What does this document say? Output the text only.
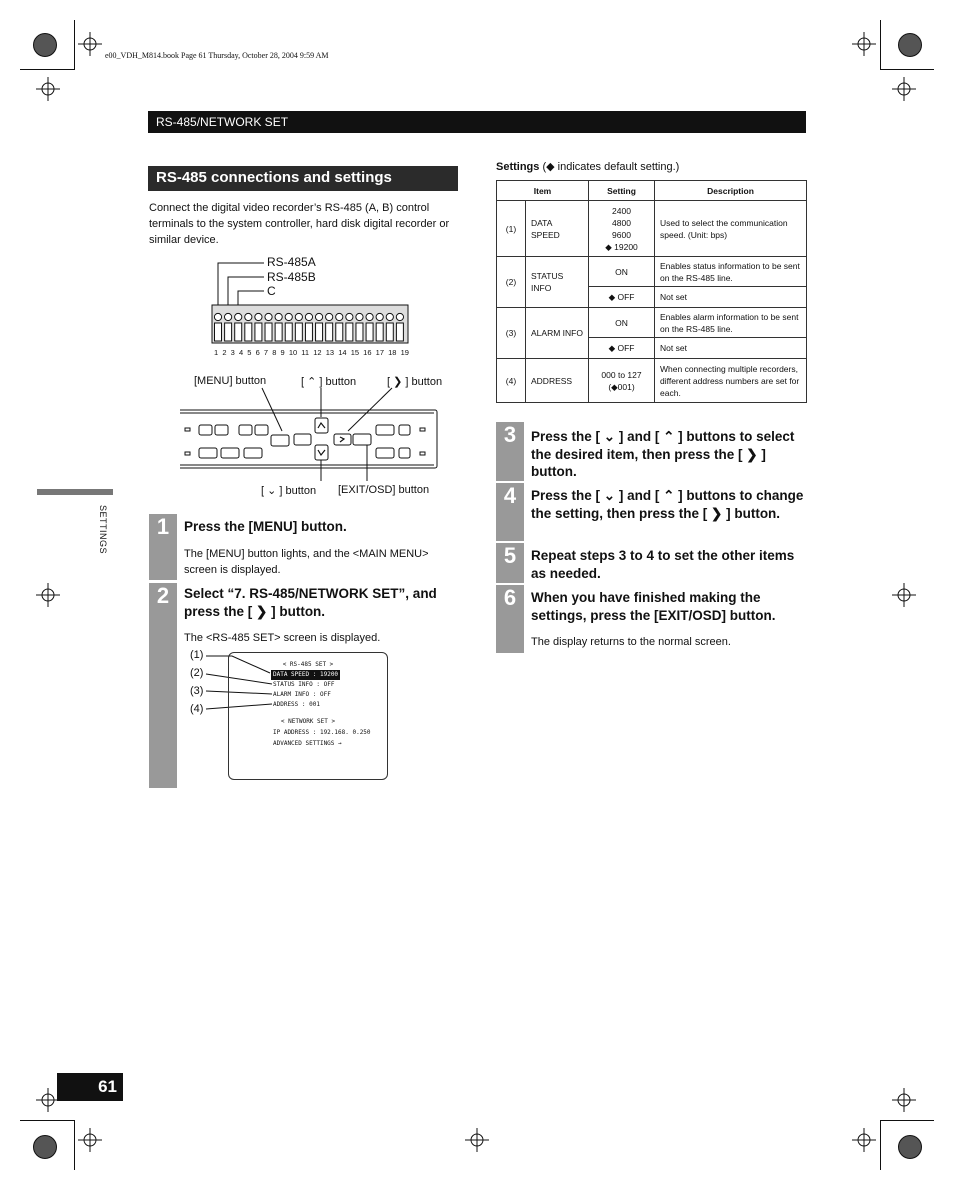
e00_VDH_M814.book Page 61 Thursday, October 28, 2004 9:59 AM
RS-485/NETWORK SET
RS-485 connections and settings
Connect the digital video recorder’s RS-485 (A, B) control terminals to the system controller, hard disk digital recorder or similar device.
RS-485A
RS-485B
C
1 2 3 4 5 6 7 8 9 10 11 12 13 14 15 16 17 18 19
[MENU] button	[ ⌃ ] button	[ ❯ ] button
[ ⌄ ] button [EXIT/OSD] button
SETTINGS	1	Press the [MENU] button.
The [MENU] button lights, and the <MAIN MENU> screen is displayed.
2	Select “7. RS-485/NETWORK SET”, and press the [ ❯ ] button.
The <RS-485 SET> screen is displayed.
(1)
(2)
(3)
(4)
< RS-485 SET >
DATA SPEED : 19200
STATUS INFO : OFF
ALARM INFO : OFF
ADDRESS : 001
< NETWORK SET >
IP ADDRESS : 192.168. 0.250
ADVANCED SETTINGS →
Settings (◆ indicates default setting.)
Item		Setting	Description
(1)	DATA SPEED	2400
4800
9600
◆ 19200	Used to select the communication speed. (Unit: bps)
(2)	STATUS INFO	ON	Enables status information to be sent on the RS-485 line.
		◆ OFF	Not set
(3)	ALARM INFO	ON	Enables alarm information to be sent on the RS-485 line.
		◆ OFF	Not set
(4)	ADDRESS	000 to 127
(◆001)	When connecting multiple recorders, different address numbers are set for each.
3	Press the [ ⌄ ] and [ ⌃ ] buttons to select the desired item, then press the [ ❯ ] button.
4	Press the [ ⌄ ] and [ ⌃ ] buttons to change the setting, then press the [ ❯ ] button.
5	Repeat steps 3 to 4 to set the other items as needed.
6	When you have finished making the settings, press the [EXIT/OSD] button.
The display returns to the normal screen.
61
